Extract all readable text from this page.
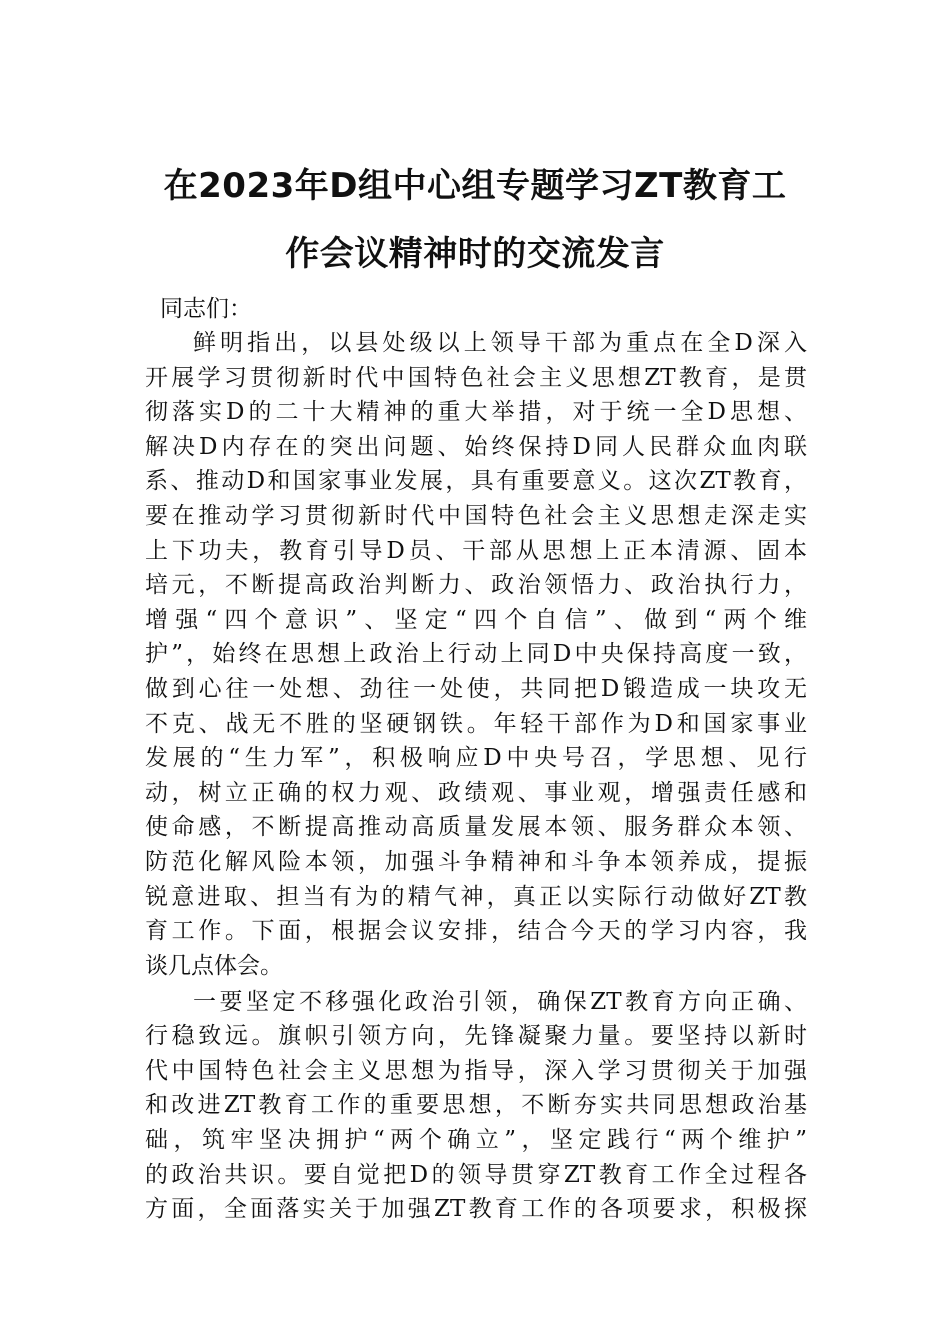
在2023年D组中心组专题学习ZT教育工
作会议精神时的交流发言

同志们：

鲜明指出，以县处级以上领导干部为重点在全D深入

开展学习贯彻新时代中国特色社会主义思想ZT教育，是贯

彻落实D的二十大精神的重大举措，对于统一全D思想、

解决D内存在的突出问题、始终保持D同人民群众血肉联

系、推动D和国家事业发展，具有重要意义。这次ZT教育，

要在推动学习贯彻新时代中国特色社会主义思想走深走实

上下功夫，教育引导D员、干部从思想上正本清源、固本

培元，不断提高政治判断力、政治领悟力、政治执行力，

增强“四个意识”、坚定“四个自信”、做到“两个维

护”，始终在思想上政治上行动上同D中央保持高度一致，

做到心往一处想、劲往一处使，共同把D锻造成一块攻无

不克、战无不胜的坚硬钢铁。年轻干部作为D和国家事业

发展的“生力军”，积极响应D中央号召，学思想、见行

动，树立正确的权力观、政绩观、事业观，增强责任感和

使命感，不断提高推动高质量发展本领、服务群众本领、

防范化解风险本领，加强斗争精神和斗争本领养成，提振

锐意进取、担当有为的精气神，真正以实际行动做好ZT教

育工作。下面，根据会议安排，结合今天的学习内容，我

谈几点体会。

一要坚定不移强化政治引领，确保ZT教育方向正确、

行稳致远。旗帜引领方向，先锋凝聚力量。要坚持以新时

代中国特色社会主义思想为指导，深入学习贯彻关于加强

和改进ZT教育工作的重要思想，不断夯实共同思想政治基

础，筑牢坚决拥护“两个确立”，坚定践行“两个维护”

的政治共识。要自觉把D的领导贯穿ZT教育工作全过程各

方面，全面落实关于加强ZT教育工作的各项要求，积极探
